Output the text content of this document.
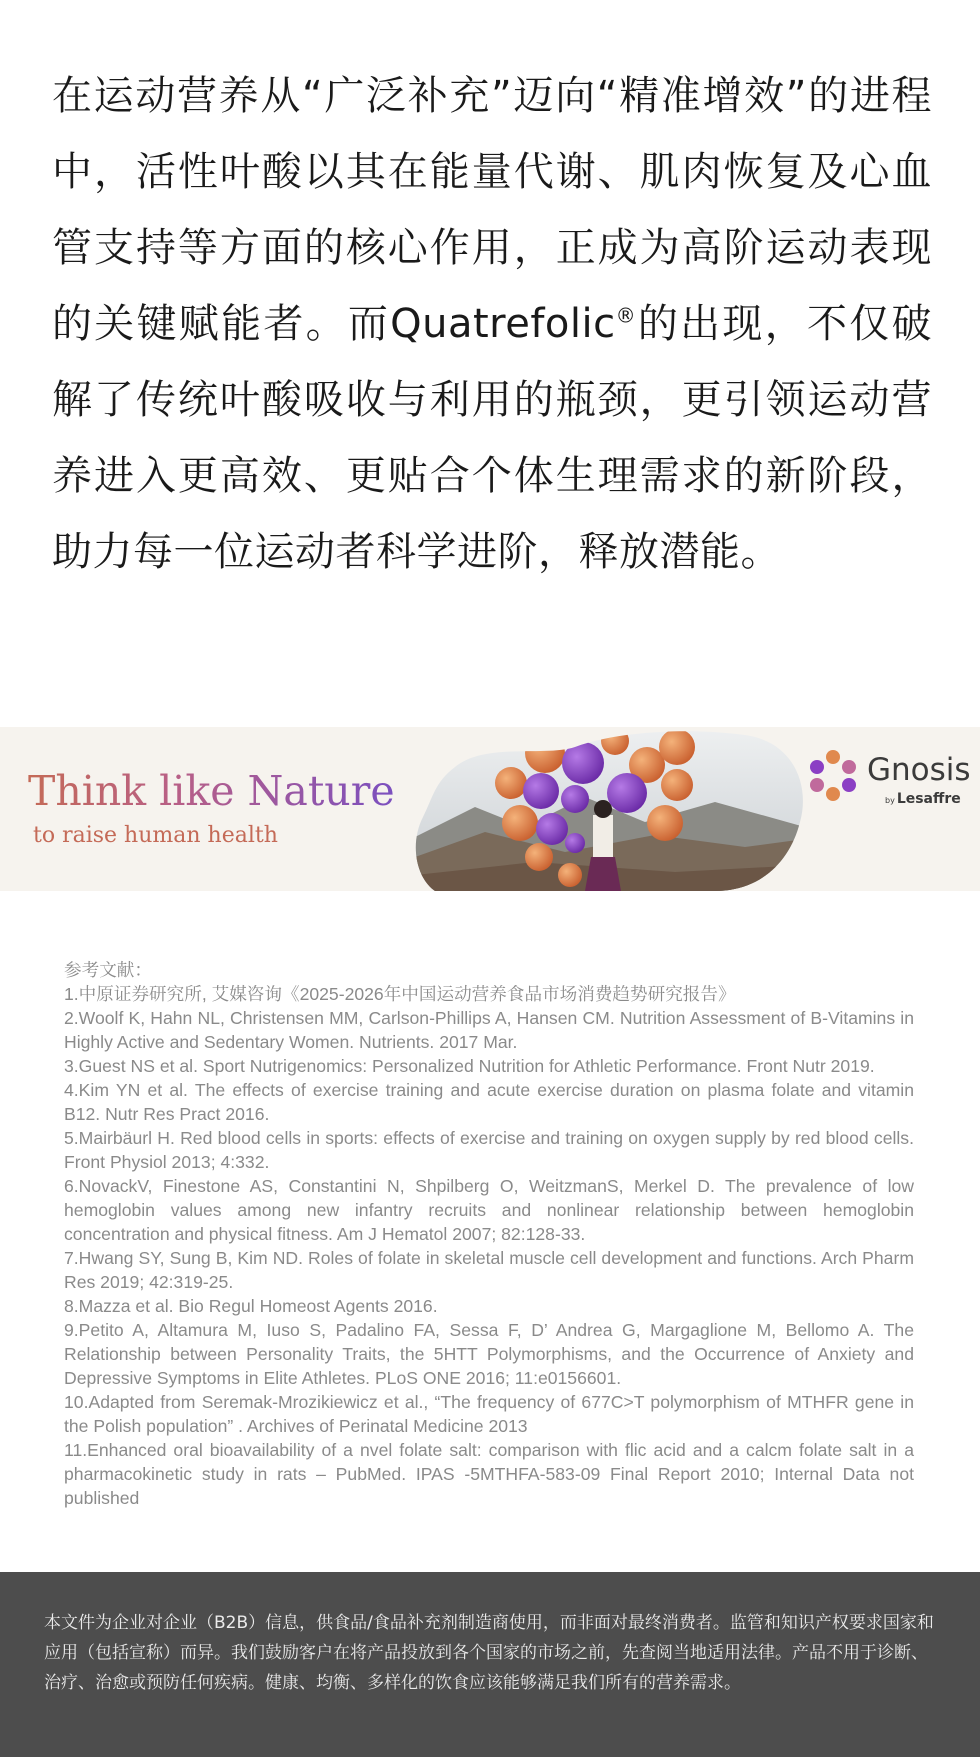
在运动营养从“广泛补充”迈向“精准增效”的进程中，活性叶酸以其在能量代谢、肌肉恢复及心血管支持等方面的核心作用，正成为高阶运动表现的关键赋能者。而Quatrefolic®的出现，不仅破解了传统叶酸吸收与利用的瓶颈，更引领运动营养进入更高效、更贴合个体生理需求的新阶段，助力每一位运动者科学进阶，释放潜能。

Think like Nature

to raise human health

Gnosis

by Lesaffre

参考文献：

1.中原证券研究所, 艾媒咨询《2025-2026年中国运动营养食品市场消费趋势研究报告》

2.Woolf K, Hahn NL, Christensen MM, Carlson-Phillips A, Hansen CM. Nutrition Assessment of B-Vitamins in Highly Active and Sedentary Women. Nutrients. 2017 Mar.

3.Guest NS et al. Sport Nutrigenomics: Personalized Nutrition for Athletic Performance. Front Nutr 2019.

4.Kim YN et al. The effects of exercise training and acute exercise duration on plasma folate and vitamin B12. Nutr Res Pract 2016.

5.Mairbäurl H. Red blood cells in sports: effects of exercise and training on oxygen supply by red blood cells. Front Physiol 2013; 4:332.

6.NovackV, Finestone AS, Constantini N, Shpilberg O, WeitzmanS, Merkel D. The prevalence of low hemoglobin values among new infantry recruits and nonlinear relationship between hemoglobin concentration and physical fitness. Am J Hematol 2007; 82:128-33.

7.Hwang SY, Sung B, Kim ND. Roles of folate in skeletal muscle cell development and functions. Arch Pharm Res 2019; 42:319-25.

8.Mazza et al. Bio Regul Homeost Agents 2016.

9.Petito A, Altamura M, Iuso S, Padalino FA, Sessa F, D’ Andrea G, Margaglione M, Bellomo A. The Relationship between Personality Traits, the 5HTT Polymorphisms, and the Occurrence of Anxiety and Depressive Symptoms in Elite Athletes. PLoS ONE 2016; 11:e0156601.

10.Adapted from Seremak-Mrozikiewicz et al., “The frequency of 677C>T polymorphism of MTHFR gene in the Polish population” . Archives of Perinatal Medicine 2013

11.Enhanced oral bioavailability of a nvel folate salt: comparison with flic acid and a calcm folate salt in a pharmacokinetic study in rats – PubMed. IPAS -5MTHFA-583-09 Final Report 2010; Internal Data not published

本文件为企业对企业（B2B）信息，供食品/食品补充剂制造商使用，而非面对最终消费者。监管和知识产权要求国家和应用（包括宣称）而异。我们鼓励客户在将产品投放到各个国家的市场之前，先查阅当地适用法律。产品不用于诊断、治疗、治愈或预防任何疾病。健康、均衡、多样化的饮食应该能够满足我们所有的营养需求。
